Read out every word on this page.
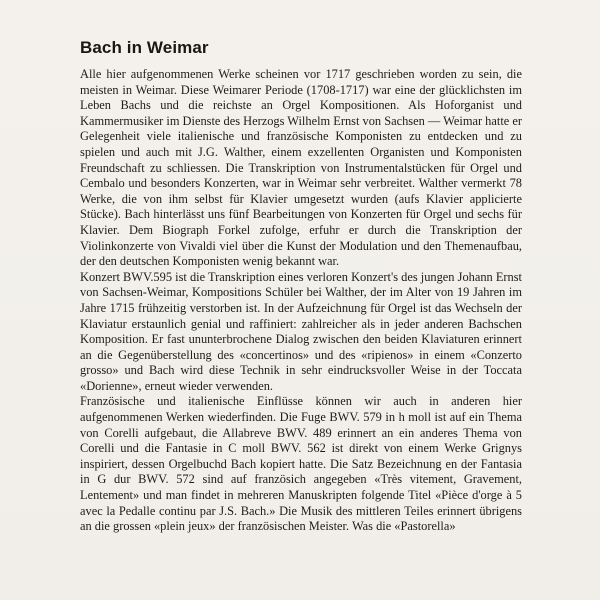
Bach in Weimar

Alle hier aufgenommenen Werke scheinen vor 1717 geschrieben worden zu sein, die meisten in Weimar. Diese Weimarer Periode (1708-1717) war eine der glücklichsten im Leben Bachs und die reichste an Orgel Kompositionen. Als Hoforganist und Kammermusiker im Dienste des Herzogs Wilhelm Ernst von Sachsen — Weimar hatte er Gelegenheit viele italienische und französische Komponisten zu entdecken und zu spielen und auch mit J.G. Walther, einem exzellenten Organisten und Komponisten Freundschaft zu schliessen. Die Transkription von Instrumentalstücken für Orgel und Cembalo und besonders Konzerten, war in Weimar sehr verbreitet. Walther vermerkt 78 Werke, die von ihm selbst für Klavier umgesetzt wurden (aufs Klavier applicierte Stücke). Bach hinterlässt uns fünf Bearbeitungen von Konzerten für Orgel und sechs für Klavier. Dem Biograph Forkel zufolge, erfuhr er durch die Transkription der Violinkonzerte von Vivaldi viel über die Kunst der Modulation und den Themenaufbau, der den deutschen Komponisten wenig bekannt war.

Konzert BWV.595 ist die Transkription eines verloren Konzert's des jungen Johann Ernst von Sachsen-Weimar, Kompositions Schüler bei Walther, der im Alter von 19 Jahren im Jahre 1715 frühzeitig verstorben ist. In der Aufzeichnung für Orgel ist das Wechseln der Klaviatur erstaunlich genial und raffiniert: zahlreicher als in jeder anderen Bachschen Komposition. Er fast ununterbrochene Dialog zwischen den beiden Klaviaturen erinnert an die Gegenüberstellung des «concertinos» und des «ripienos» in einem «Conzerto grosso» und Bach wird diese Technik in sehr eindrucksvoller Weise in der Toccata «Dorienne», erneut wieder verwenden.

Französische und italienische Einflüsse können wir auch in anderen hier aufgenommenen Werken wiederfinden. Die Fuge BWV. 579 in h moll ist auf ein Thema von Corelli aufgebaut, die Allabreve BWV. 489 erinnert an ein anderes Thema von Corelli und die Fantasie in C moll BWV. 562 ist direkt von einem Werke Grignys inspiriert, dessen Orgelbuchd Bach kopiert hatte. Die Satz Bezeichnung en der Fantasia in G dur BWV. 572 sind auf französich angegeben «Très vitement, Gravement, Lentement» und man findet in mehreren Manuskripten folgende Titel «Pièce d'orge à 5 avec la Pedalle continu par J.S. Bach.» Die Musik des mittleren Teiles erinnert übrigens an die grossen «plein jeux» der französischen Meister. Was die «Pastorella»
